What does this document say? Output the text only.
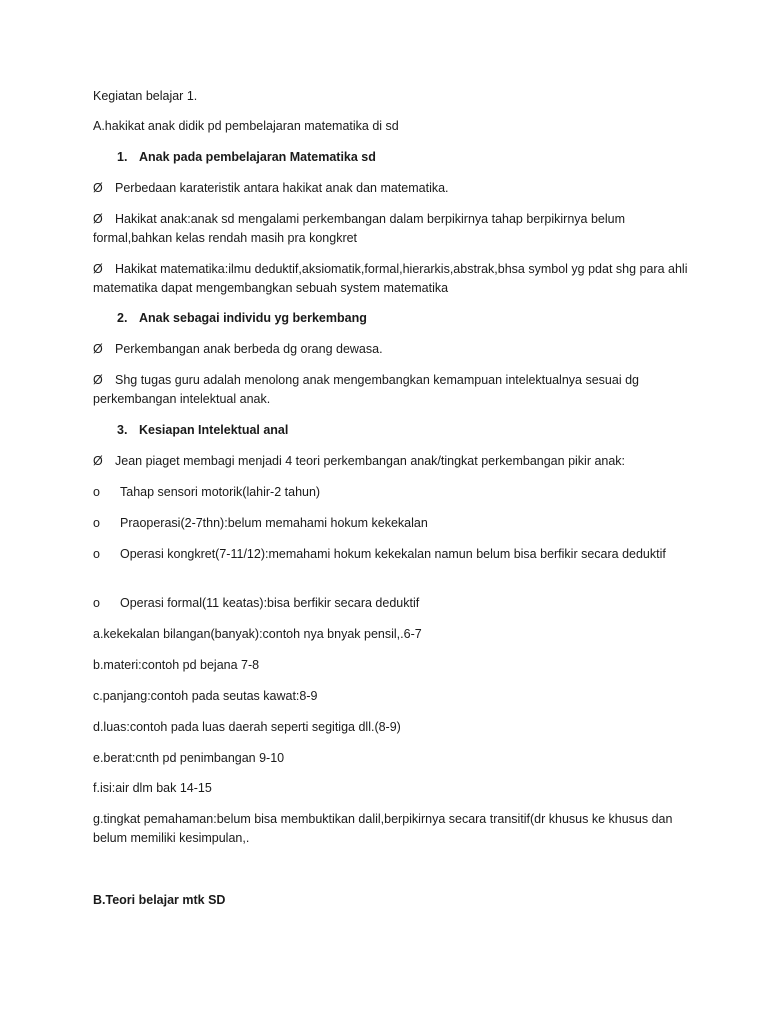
Kegiatan belajar 1.
A.hakikat anak didik pd pembelajaran matematika di sd
1. Anak pada pembelajaran Matematika sd
Ø Perbedaan karateristik antara hakikat anak dan matematika.
Ø Hakikat anak:anak sd mengalami perkembangan dalam berpikirnya tahap berpikirnya belum formal,bahkan kelas rendah masih pra kongkret
Ø Hakikat matematika:ilmu deduktif,aksiomatik,formal,hierarkis,abstrak,bhsa symbol yg pdat shg para ahli matematika dapat mengembangkan sebuah system matematika
2. Anak sebagai individu yg berkembang
Ø Perkembangan anak berbeda dg orang dewasa.
Ø Shg tugas guru adalah menolong anak mengembangkan kemampuan intelektualnya sesuai dg perkembangan intelektual anak.
3. Kesiapan Intelektual anal
Ø Jean piaget membagi menjadi 4 teori perkembangan anak/tingkat perkembangan pikir anak:
o Tahap sensori motorik(lahir-2 tahun)
o Praoperasi(2-7thn):belum memahami hokum kekekalan
o Operasi kongkret(7-11/12):memahami hokum kekekalan namun belum bisa berfikir secara deduktif
o Operasi formal(11 keatas):bisa berfikir secara deduktif
a.kekekalan bilangan(banyak):contoh nya bnyak pensil,.6-7
b.materi:contoh pd bejana 7-8
c.panjang:contoh pada seutas kawat:8-9
d.luas:contoh pada luas daerah seperti segitiga dll.(8-9)
e.berat:cnth pd penimbangan 9-10
f.isi:air dlm bak 14-15
g.tingkat pemahaman:belum bisa membuktikan dalil,berpikirnya secara transitif(dr khusus ke khusus dan belum memiliki kesimpulan,.
B.Teori belajar mtk SD
